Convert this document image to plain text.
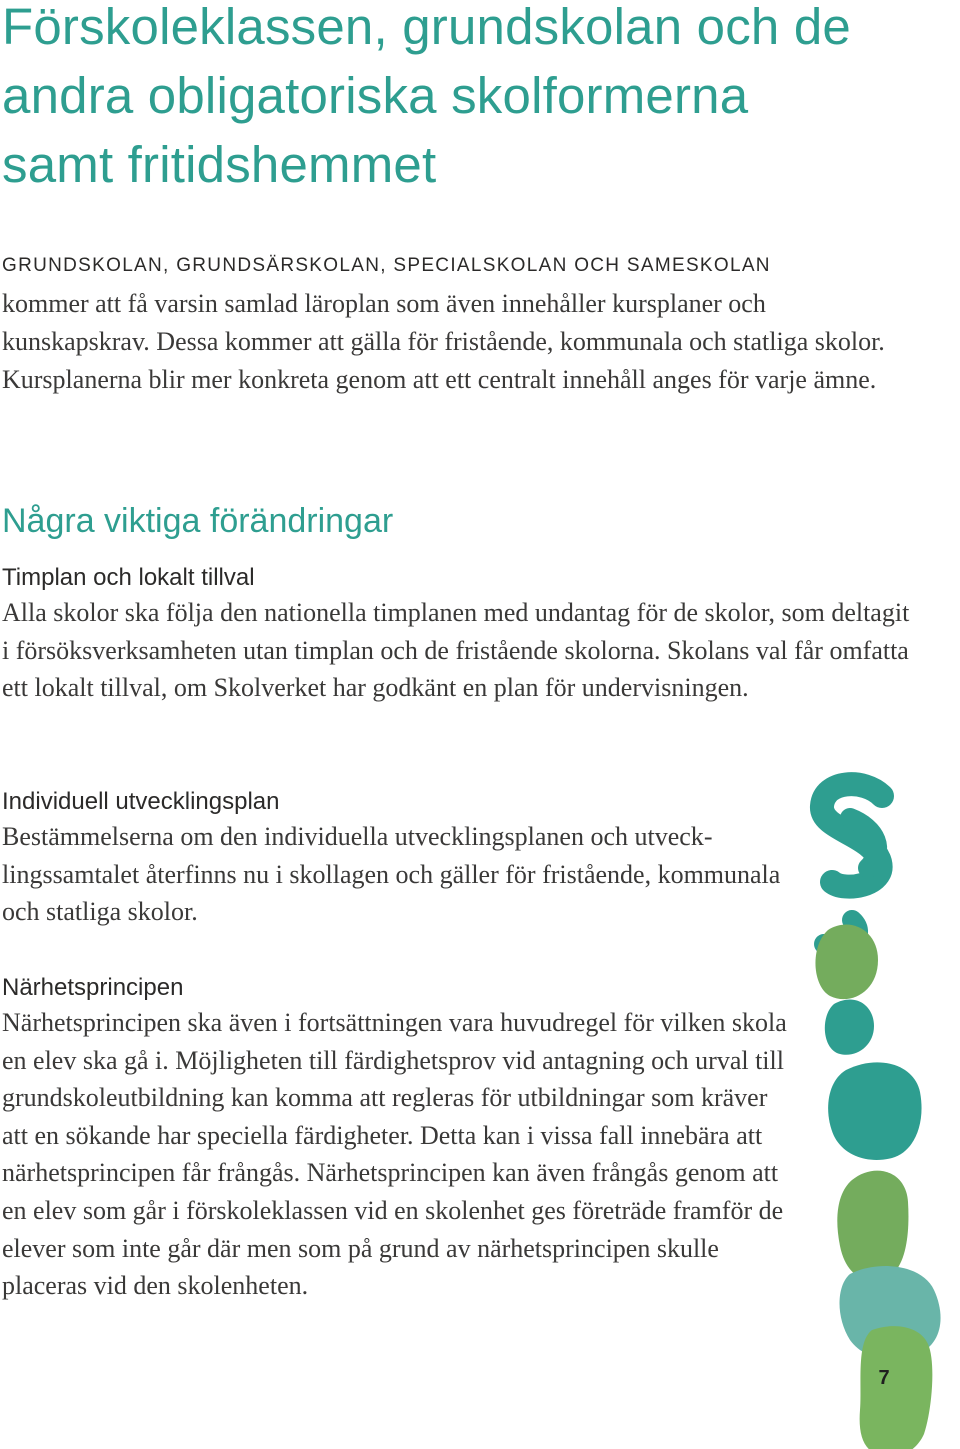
Förskoleklassen, grundskolan och de andra obligatoriska skolformerna samt fritidshemmet

GRUNDSKOLAN, GRUNDSÄRSKOLAN, SPECIALSKOLAN OCH SAMESKOLAN

kommer att få varsin samlad läroplan som även innehåller kursplaner och kunskapskrav. Dessa kommer att gälla för fristående, kommunala och statliga skolor. Kursplanerna blir mer konkreta genom att ett centralt innehåll anges för varje ämne.

Några viktiga förändringar
Timplan och lokalt tillval

Alla skolor ska följa den nationella timplanen med undantag för de skolor, som deltagit i försöksverksamheten utan timplan och de fristående skolorna. Skolans val får omfatta ett lokalt tillval, om Skolverket har godkänt en plan för undervisningen.

Individuell utvecklingsplan

Bestämmelserna om den individuella utvecklingsplanen och utvecklingssamtalet återfinns nu i skollagen och gäller för fristående, kommunala och statliga skolor.

Närhetsprincipen

Närhetsprincipen ska även i fortsättningen vara huvudregel för vilken skola en elev ska gå i. Möjligheten till färdighetsprov vid antagning och urval till grundskoleutbildning kan komma att regleras för utbildningar som kräver att en sökande har speciella färdigheter. Detta kan i vissa fall innebära att närhetsprincipen får frångås. Närhetsprincipen kan även frångås genom att en elev som går i förskoleklassen vid en skolenhet ges företräde framför de elever som inte går där men som på grund av närhetsprincipen skulle placeras vid den skolenheten.

7
